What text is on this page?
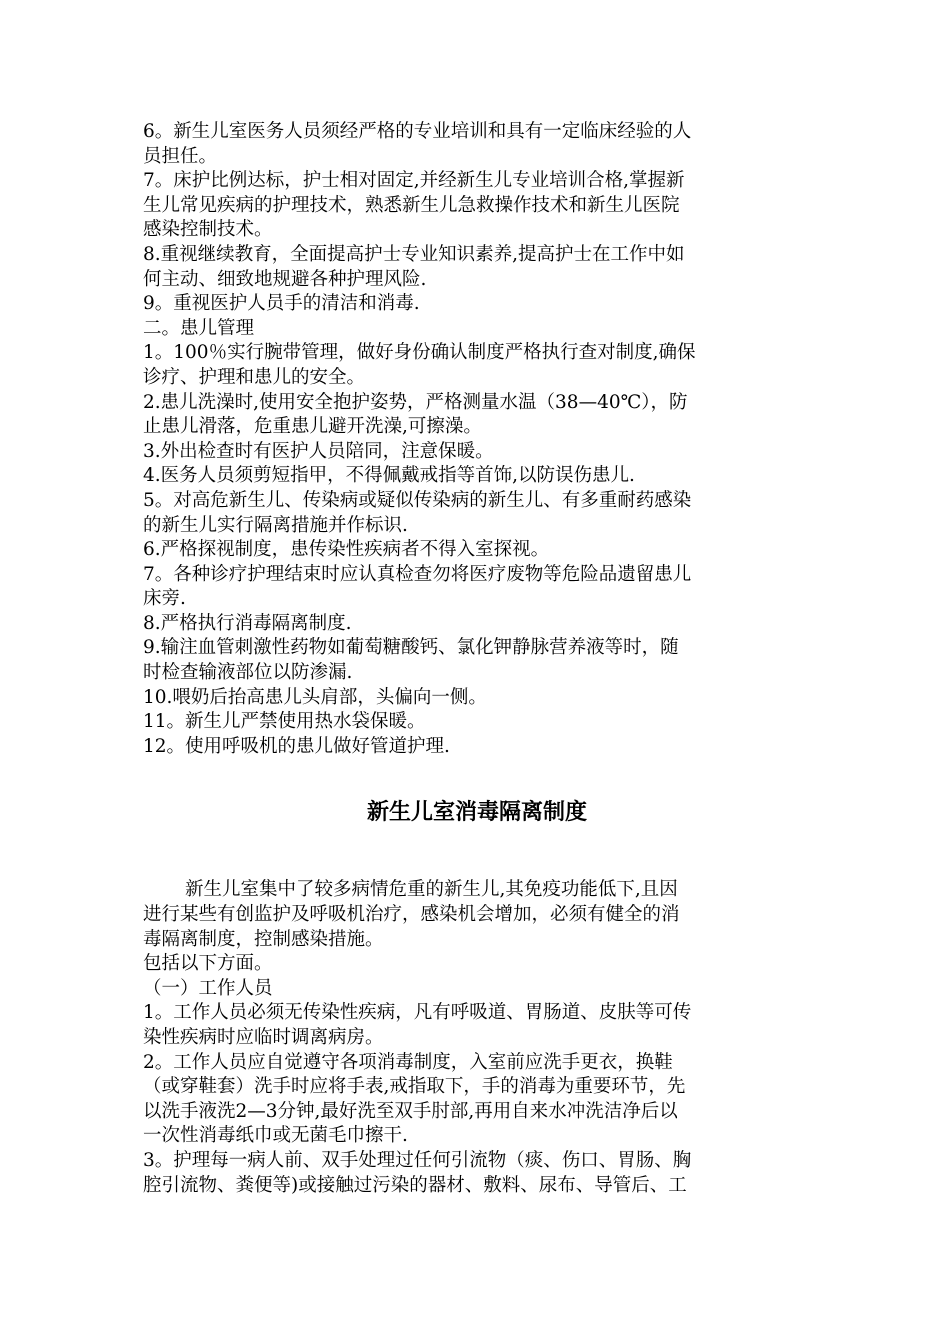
6。新生儿室医务人员须经严格的专业培训和具有一定临床经验的人

员担任。

7。床护比例达标，护士相对固定,并经新生儿专业培训合格,掌握新

生儿常见疾病的护理技术，熟悉新生儿急救操作技术和新生儿医院

感染控制技术。

8.重视继续教育，全面提高护士专业知识素养,提高护士在工作中如

何主动、细致地规避各种护理风险.

9。重视医护人员手的清洁和消毒.

二。患儿管理

1。100％实行腕带管理，做好身份确认制度严格执行查对制度,确保

诊疗、护理和患儿的安全。

2.患儿洗澡时,使用安全抱护姿势，严格测量水温（38—40℃），防

止患儿滑落，危重患儿避开洗澡,可擦澡。

3.外出检查时有医护人员陪同，注意保暖。

4.医务人员须剪短指甲，不得佩戴戒指等首饰,以防误伤患儿.

5。对高危新生儿、传染病或疑似传染病的新生儿、有多重耐药感染

的新生儿实行隔离措施并作标识.

6.严格探视制度，患传染性疾病者不得入室探视。

7。各种诊疗护理结束时应认真检查勿将医疗废物等危险品遗留患儿

床旁.

8.严格执行消毒隔离制度.

9.输注血管刺激性药物如葡萄糖酸钙、氯化钾静脉营养液等时，随

时检查输液部位以防渗漏.

10.喂奶后抬高患儿头肩部，头偏向一侧。

11。新生儿严禁使用热水袋保暖。

12。使用呼吸机的患儿做好管道护理.

新生儿室消毒隔离制度

新生儿室集中了较多病情危重的新生儿,其免疫功能低下,且因

进行某些有创监护及呼吸机治疗，感染机会增加，必须有健全的消

毒隔离制度，控制感染措施。

包括以下方面。

（一）工作人员

1。工作人员必须无传染性疾病，凡有呼吸道、胃肠道、皮肤等可传

染性疾病时应临时调离病房。

2。工作人员应自觉遵守各项消毒制度，入室前应洗手更衣，换鞋

（或穿鞋套）洗手时应将手表,戒指取下，手的消毒为重要环节，先

以洗手液洗2—3分钟,最好洗至双手肘部,再用自来水冲洗洁净后以

一次性消毒纸巾或无菌毛巾擦干.

3。护理每一病人前、双手处理过任何引流物（痰、伤口、胃肠、胸

腔引流物、粪便等)或接触过污染的器材、敷料、尿布、导管后、工
